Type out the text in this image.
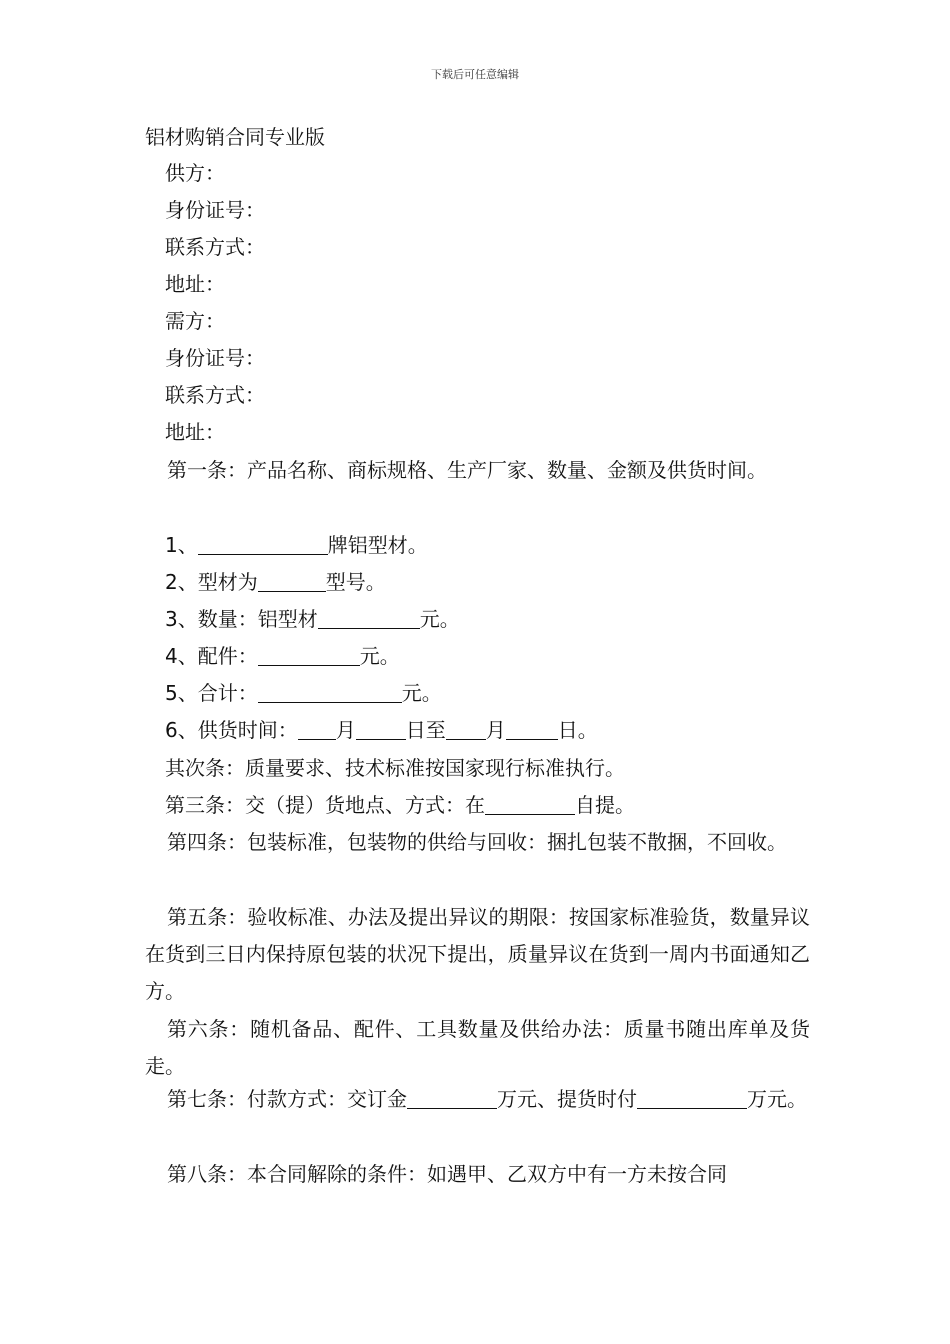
下载后可任意编辑
铝材购销合同专业版
供方：
身份证号：
联系方式：
地址：
需方：
身份证号：
联系方式：
地址：
第一条：产品名称、商标规格、生产厂家、数量、金额及供货时间。
1、	牌铝型材。
2、型材为	型号。
3、数量：铝型材	元。
4、配件：	元。
5、合计：	元。
6、供货时间： 月	日至 月	日。
其次条：质量要求、技术标准按国家现行标准执行。
第三条：交（提）货地点、方式：在	自提。
第四条：包装标准，包装物的供给与回收：捆扎包装不散捆，不回收。
第五条：验收标准、办法及提出异议的期限：按国家标准验货，数量异议在货到三日内保持原包装的状况下提出，质量异议在货到一周内书面通知乙方。
第六条：随机备品、配件、工具数量及供给办法：质量书随出库单及货走。
第七条：付款方式：交订金	万元、提货时付	万元。
第八条：本合同解除的条件：如遇甲、乙双方中有一方未按合同
